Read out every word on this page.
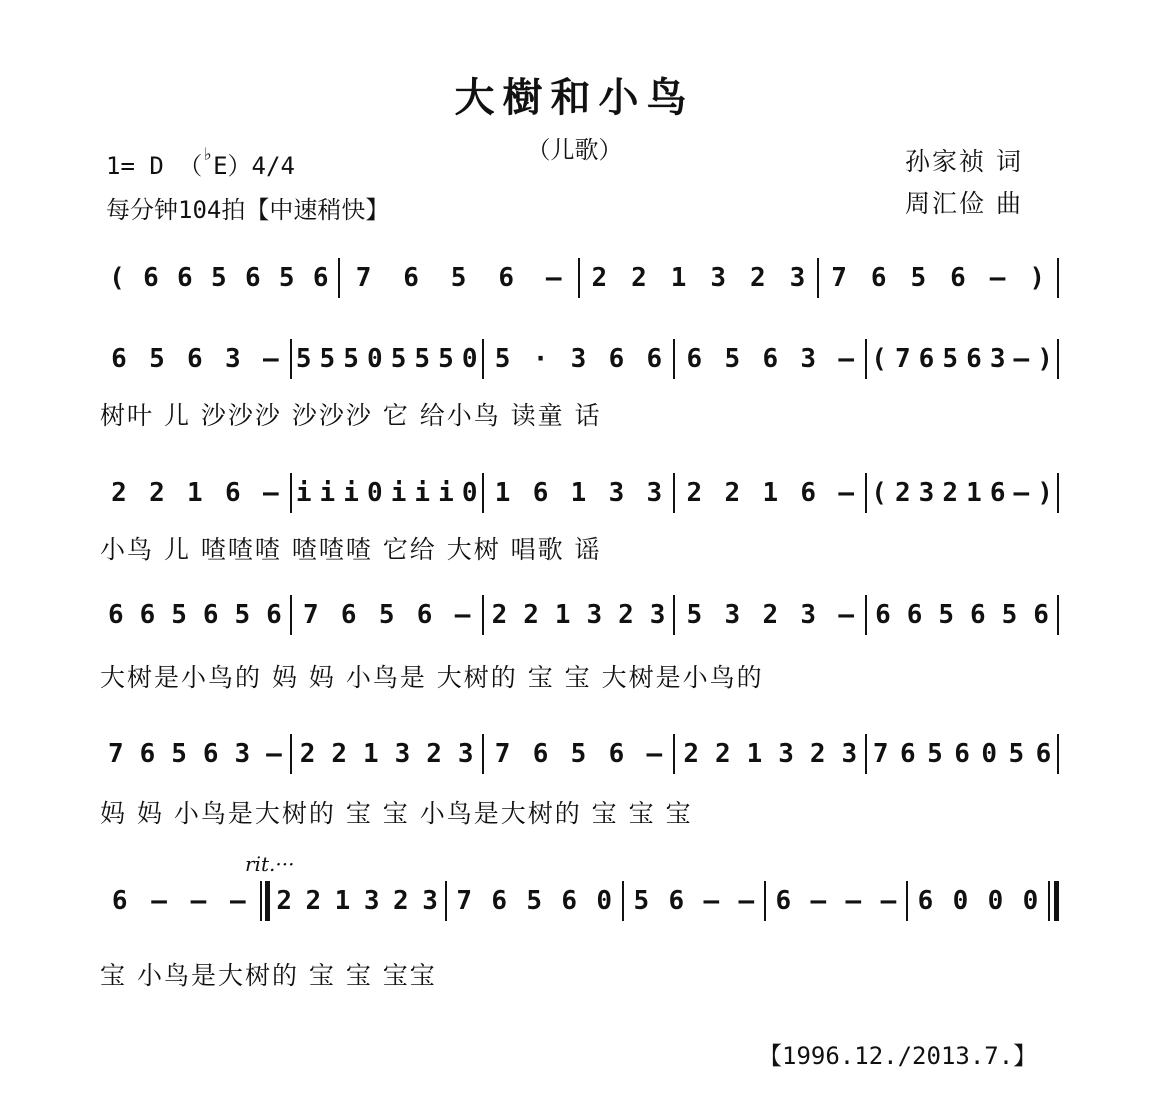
大樹和小鸟
（儿歌）
1= D （♭E）4/4
每分钟104拍【中速稍快】
孙家祯 词
周汇俭 曲
( 6 6 5 6 5 6 7 6 5 6 – 2 2 1 3 2 3 7 6 5 6 – )
6 5 6 3 – 5 5 5 0 5 5 5 0 5 · 3 6 6 6 5 6 3 – ( 7 6 5 6 3 – )
树叶 儿 沙沙沙 沙沙沙 它 给小鸟 读童 话
2 2 1 6 – i i i 0 i i i 0 1 6 1 3 3 2 2 1 6 – ( 2 3 2 1 6 – )
小鸟 儿 喳喳喳 喳喳喳 它给 大树 唱歌 谣
6 6 5 6 5 6 7 6 5 6 – 2 2 1 3 2 3 5 3 2 3 – 6 6 5 6 5 6
大树是小鸟的 妈 妈 小鸟是 大树的 宝 宝 大树是小鸟的
7 6 5 6 3 – 2 2 1 3 2 3 7 6 5 6 – 2 2 1 3 2 3 7 6 5 6 0 5 6
妈 妈 小鸟是大树的 宝 宝 小鸟是大树的 宝 宝 宝
rit.···
6 – – – 2 2 1 3 2 3 7 6 5 6 0 5 6 – – 6 – – – 6 0 0 0
宝 小鸟是大树的 宝 宝 宝宝
【1996.12./2013.7.】
